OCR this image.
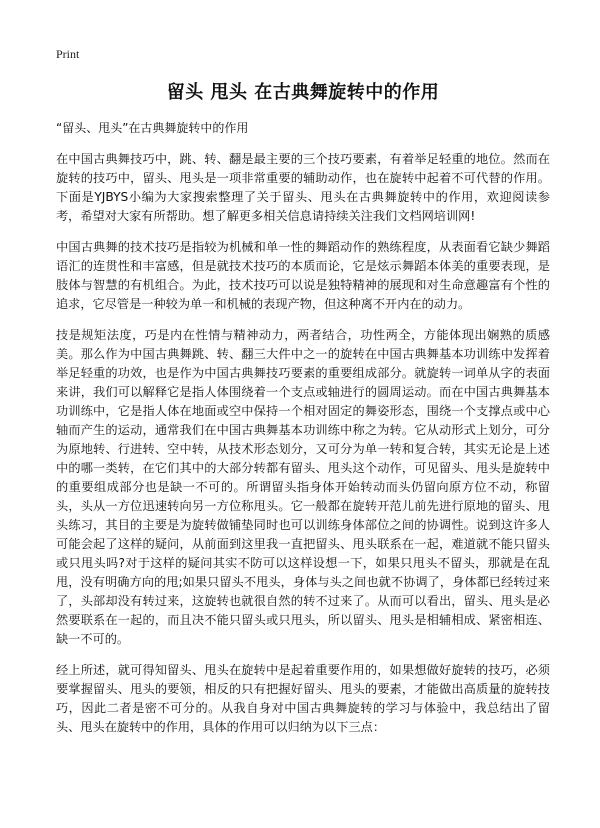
Print
留头 甩头 在古典舞旋转中的作用

“留头、甩头”在古典舞旋转中的作用

在中国古典舞技巧中，跳、转、翻是最主要的三个技巧要素，有着举足轻重的地位。然而在旋转的技巧中，留头、甩头是一项非常重要的辅助动作，也在旋转中起着不可代替的作用。下面是YJBYS小编为大家搜索整理了关于留头、甩头在古典舞旋转中的作用，欢迎阅读参考，希望对大家有所帮助。想了解更多相关信息请持续关注我们文档网培训网!

中国古典舞的技术技巧是指较为机械和单一性的舞蹈动作的熟练程度，从表面看它缺少舞蹈语汇的连贯性和丰富感，但是就技术技巧的本质而论，它是炫示舞蹈本体美的重要表现，是肢体与智慧的有机组合。为此，技术技巧可以说是独特精神的展现和对生命意趣富有个性的追求，它尽管是一种较为单一和机械的表现产物，但这种离不开内在的动力。

技是规矩法度，巧是内在性情与精神动力，两者结合，功性两全，方能体现出娴熟的质感美。那么作为中国古典舞跳、转、翻三大件中之一的旋转在中国古典舞基本功训练中发挥着举足轻重的功效，也是作为中国古典舞技巧要素的重要组成部分。就旋转一词单从字的表面来讲，我们可以解释它是指人体围绕着一个支点或轴进行的圆周运动。而在中国古典舞基本功训练中，它是指人体在地面或空中保持一个相对固定的舞姿形态，围绕一个支撑点或中心轴而产生的运动，通常我们在中国古典舞基本功训练中称之为转。它从动形式上划分，可分为原地转、行进转、空中转，从技术形态划分，又可分为单一转和复合转，其实无论是上述中的哪一类转，在它们其中的大部分转都有留头、甩头这个动作，可见留头、甩头是旋转中的重要组成部分也是缺一不可的。所谓留头指身体开始转动而头仍留向原方位不动，称留头，头从一方位迅速转向另一方位称甩头。它一般都在旋转开范儿前先进行原地的留头、甩头练习，其目的主要是为旋转做铺垫同时也可以训练身体部位之间的协调性。说到这许多人可能会起了这样的疑问，从前面到这里我一直把留头、甩头联系在一起，难道就不能只留头或只甩头吗?对于这样的疑问其实不防可以这样设想一下，如果只甩头不留头，那就是在乱甩，没有明确方向的甩;如果只留头不甩头，身体与头之间也就不协调了，身体都已经转过来了，头部却没有转过来，这旋转也就很自然的转不过来了。从而可以看出，留头、甩头是必然要联系在一起的，而且决不能只留头或只甩头，所以留头、甩头是相辅相成、紧密相连、缺一不可的。

经上所述，就可得知留头、甩头在旋转中是起着重要作用的，如果想做好旋转的技巧，必须要掌握留头、甩头的要领，相反的只有把握好留头、甩头的要素，才能做出高质量的旋转技巧，因此二者是密不可分的。从我自身对中国古典舞旋转的学习与体验中，我总结出了留头、甩头在旋转中的作用，具体的作用可以归纳为以下三点：
